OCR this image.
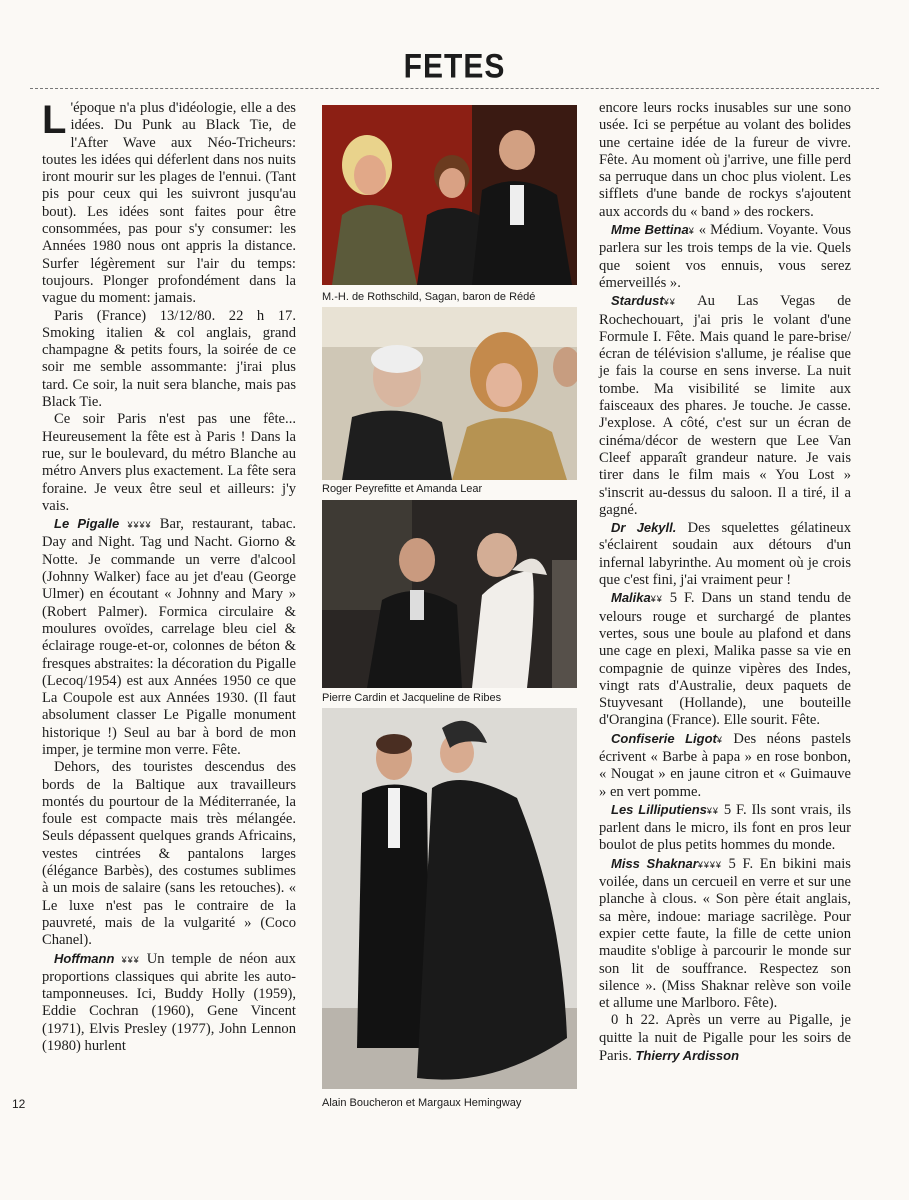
FETES

L 'époque n'a plus d'idéologie, elle a des idées. Du Punk au Black Tie, de l'After Wave aux Néo-Tricheurs: toutes les idées qui déferlent dans nos nuits iront mourir sur les plages de l'ennui. (Tant pis pour ceux qui les suivront jusqu'au bout). Les idées sont faites pour être consommées, pas pour s'y consumer: les Années 1980 nous ont appris la distance. Surfer légèrement sur l'air du temps: toujours. Plonger profondément dans la vague du moment: jamais.

Paris (France) 13/12/80. 22 h 17. Smoking italien & col anglais, grand champagne & petits fours, la soirée de ce soir me semble assommante: j'irai plus tard. Ce soir, la nuit sera blanche, mais pas Black Tie.

Ce soir Paris n'est pas une fête... Heureusement la fête est à Paris ! Dans la rue, sur le boulevard, du métro Blanche au métro Anvers plus exactement. La fête sera foraine. Je veux être seul et ailleurs: j'y vais.

Le Pigalle ¥¥¥¥ Bar, restaurant, tabac. Day and Night. Tag und Nacht. Giorno & Notte. Je commande un verre d'alcool (Johnny Walker) face au jet d'eau (George Ulmer) en écoutant « Johnny and Mary » (Robert Palmer). Formica circulaire & moulures ovoïdes, carrelage bleu ciel & éclairage rouge-et-or, colonnes de béton & fresques abstraites: la décoration du Pigalle (Lecoq/1954) est aux Années 1950 ce que La Coupole est aux Années 1930. (Il faut absolument classer Le Pigalle monument historique !) Seul au bar à bord de mon imper, je termine mon verre. Fête.

Dehors, des touristes descendus des bords de la Baltique aux travailleurs montés du pourtour de la Méditerranée, la foule est compacte mais très mélangée. Seuls dépassent quelques grands Africains, vestes cintrées & pantalons larges (élégance Barbès), des costumes sublimes à un mois de salaire (sans les retouches). « Le luxe n'est pas le contraire de la pauvreté, mais de la vulgarité » (Coco Chanel).

Hoffmann ¥¥¥ Un temple de néon aux proportions classiques qui abrite les auto-tamponneuses. Ici, Buddy Holly (1959), Eddie Cochran (1960), Gene Vincent (1971), Elvis Presley (1977), John Lennon (1980) hurlent

M.-H. de Rothschild, Sagan, baron de Rédé
Roger Peyrefitte et Amanda Lear
Pierre Cardin et Jacqueline de Ribes
Alain Boucheron et Margaux Hemingway

encore leurs rocks inusables sur une sono usée. Ici se perpétue au volant des bolides une certaine idée de la fureur de vivre. Fête. Au moment où j'arrive, une fille perd sa perruque dans un choc plus violent. Les sifflets d'une bande de rockys s'ajoutent aux accords du « band » des rockers.

Mme Bettina¥ « Médium. Voyante. Vous parlera sur les trois temps de la vie. Quels que soient vos ennuis, vous serez émerveillés ».

Stardust¥¥ Au Las Vegas de Rochechouart, j'ai pris le volant d'une Formule I. Fête. Mais quand le pare-brise/écran de télévision s'allume, je réalise que je fais la course en sens inverse. La nuit tombe. Ma visibilité se limite aux faisceaux des phares. Je touche. Je casse. J'explose. A côté, c'est sur un écran de cinéma/décor de western que Lee Van Cleef apparaît grandeur nature. Je vais tirer dans le film mais « You Lost » s'inscrit au-dessus du saloon. Il a tiré, il a gagné.

Dr Jekyll. Des squelettes gélatineux s'éclairent soudain aux détours d'un infernal labyrinthe. Au moment où je crois que c'est fini, j'ai vraiment peur !

Malika¥¥ 5 F. Dans un stand tendu de velours rouge et surchargé de plantes vertes, sous une boule au plafond et dans une cage en plexi, Malika passe sa vie en compagnie de quinze vipères des Indes, vingt rats d'Australie, deux paquets de Stuyvesant (Hollande), une bouteille d'Orangina (France). Elle sourit. Fête.

Confiserie Ligot¥ Des néons pastels écrivent « Barbe à papa » en rose bonbon, « Nougat » en jaune citron et « Guimauve » en vert pomme.

Les Lilliputiens¥¥ 5 F. Ils sont vrais, ils parlent dans le micro, ils font en pros leur boulot de plus petits hommes du monde.

Miss Shaknar¥¥¥¥ 5 F. En bikini mais voilée, dans un cercueil en verre et sur une planche à clous. « Son père était anglais, sa mère, indoue: mariage sacrilège. Pour expier cette faute, la fille de cette union maudite s'oblige à parcourir le monde sur son lit de souffrance. Respectez son silence ». (Miss Shaknar relève son voile et allume une Marlboro. Fête).

0 h 22. Après un verre au Pigalle, je quitte la nuit de Pigalle pour les soirs de Paris. Thierry Ardisson

12
